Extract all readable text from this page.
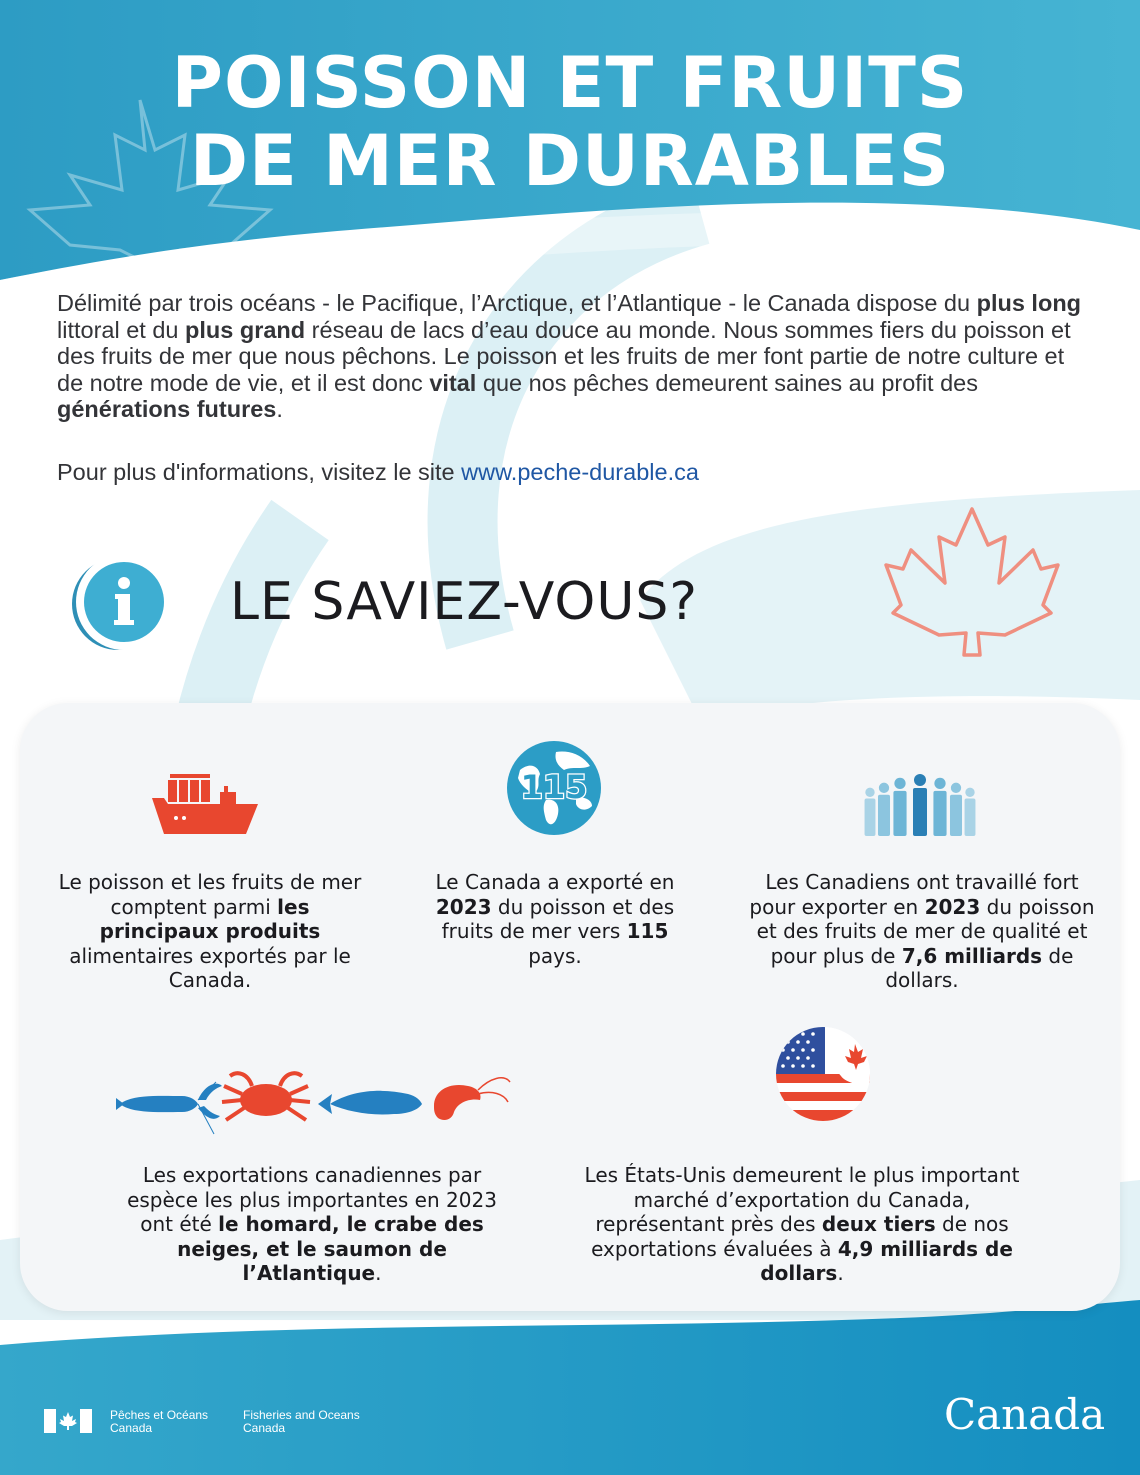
POISSON ET FRUITS
DE MER DURABLES
Délimité par trois océans - le Pacifique, l’Arctique, et l’Atlantique - le Canada dispose du plus long littoral et du plus grand réseau de lacs d’eau douce au monde. Nous sommes fiers du poisson et des fruits de mer que nous pêchons. Le poisson et les fruits de mer font partie de notre culture et de notre mode de vie, et il est donc vital que nos pêches demeurent saines au profit des générations futures.
Pour plus d'informations, visitez le site www.peche-durable.ca
LE SAVIEZ-VOUS?
115
Le poisson et les fruits de mer comptent parmi les principaux produits alimentaires exportés par le Canada.
Le Canada a exporté en 2023 du poisson et des fruits de mer vers 115 pays.
Les Canadiens ont travaillé fort pour exporter en 2023 du poisson et des fruits de mer de qualité et pour plus de 7,6 milliards de dollars.
Les exportations canadiennes par espèce les plus importantes en 2023 ont été le homard, le crabe des neiges, et le saumon de l’Atlantique.
Les États-Unis demeurent le plus important marché d’exportation du Canada, représentant près des deux tiers de nos exportations évaluées à 4,9 milliards de dollars.
Pêches et Océans
Canada
Fisheries and Oceans
Canada	Canada
